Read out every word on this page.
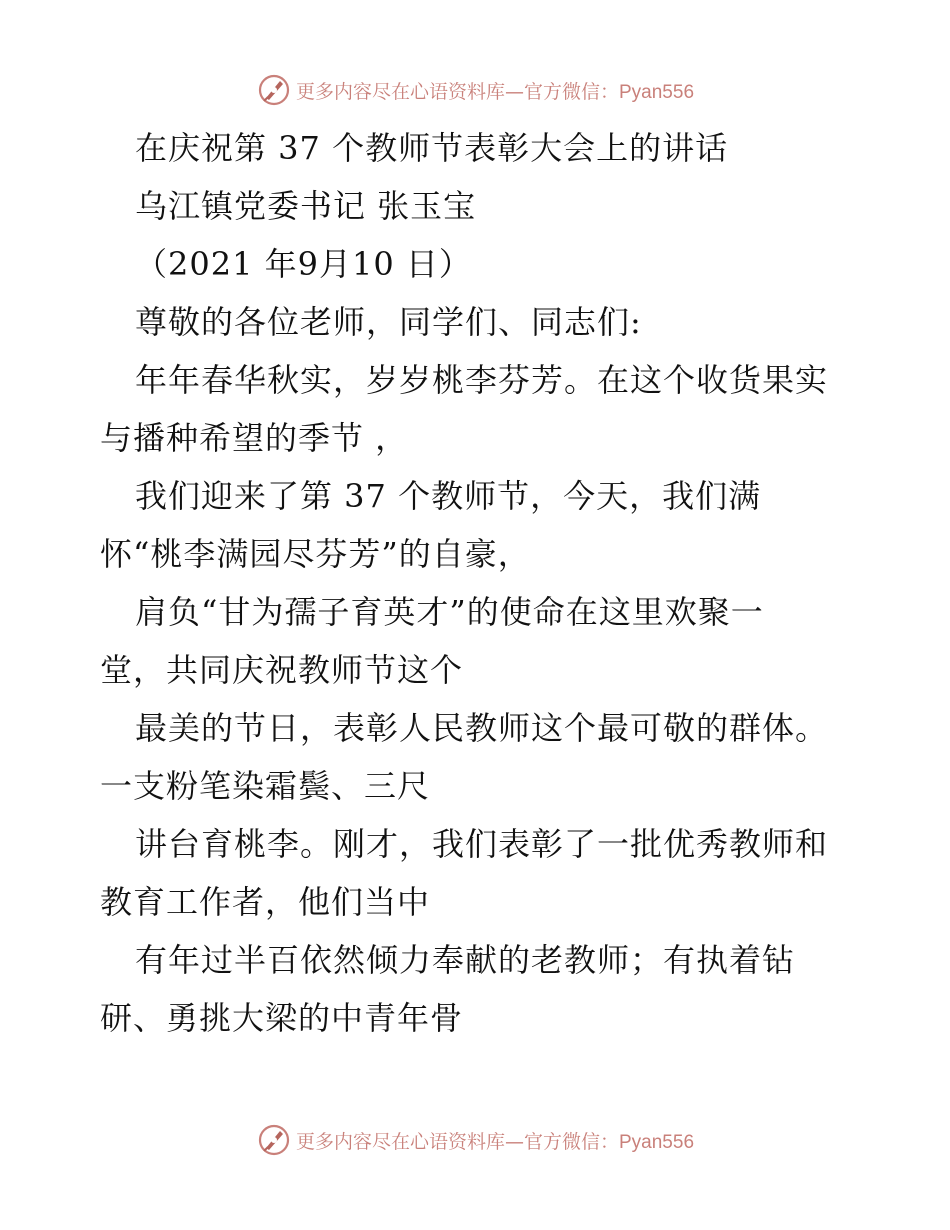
更多内容尽在心语资料库—官方微信：Pyan556
在庆祝第 37 个教师节表彰大会上的讲话
乌江镇党委书记 张玉宝
（2021 年9月10 日）
尊敬的各位老师，同学们、同志们:
年年春华秋实，岁岁桃李芬芳。在这个收货果实
与播种希望的季节 ，
我们迎来了第 37 个教师节，今天，我们满
怀“桃李满园尽芬芳”的自豪，
肩负“甘为孺子育英才”的使命在这里欢聚一
堂，共同庆祝教师节这个
最美的节日，表彰人民教师这个最可敬的群体。
一支粉笔染霜鬓、三尺
讲台育桃李。刚才，我们表彰了一批优秀教师和
教育工作者，他们当中
有年过半百依然倾力奉献的老教师；有执着钻
研、勇挑大梁的中青年骨
更多内容尽在心语资料库—官方微信：Pyan556
